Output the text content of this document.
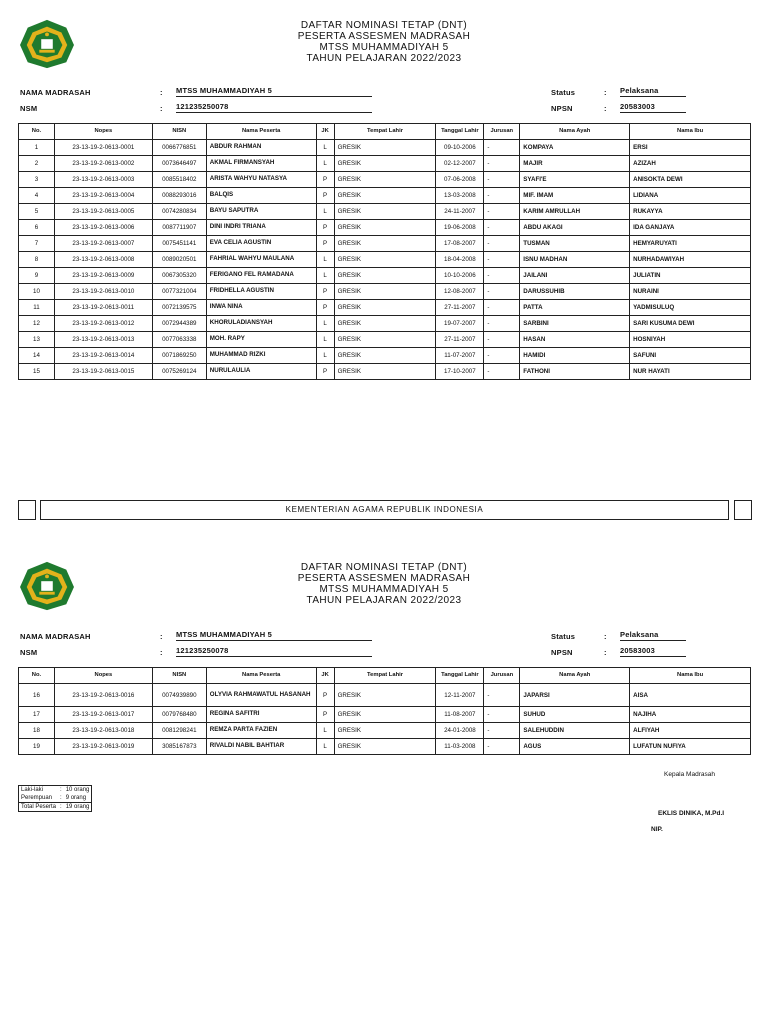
DAFTAR NOMINASI TETAP (DNT)
PESERTA ASSESMEN MADRASAH
MTSS MUHAMMADIYAH 5
TAHUN PELAJARAN 2022/2023
NAMA MADRASAH	: MTSS MUHAMMADIYAH 5
NSM	: 121235250078
Status	: Pelaksana
NPSN	: 20583003
No.	Nopes	NISN	Nama Peserta	JK	Tempat Lahir	Tanggal Lahir	Jurusan	Nama Ayah	Nama Ibu
1	23-13-19-2-0613-0001	0066776851	ABDUR RAHMAN	L	GRESIK	09-10-2006	-	KOMPAYA	ERSI
2	23-13-19-2-0613-0002	0073646497	AKMAL FIRMANSYAH	L	GRESIK	02-12-2007	-	MAJIR	AZIZAH
3	23-13-19-2-0613-0003	0085518402	ARISTA WAHYU NATASYA	P	GRESIK	07-06-2008	-	SYAFI'E	ANISOKTA DEWI
4	23-13-19-2-0613-0004	0088293016	BALQIS	P	GRESIK	13-03-2008	-	MIF. IMAM	LIDIANA
5	23-13-19-2-0613-0005	0074280834	BAYU SAPUTRA	L	GRESIK	24-11-2007	-	KARIM AMRULLAH	RUKAYYA
6	23-13-19-2-0613-0006	0087711907	DINI INDRI TRIANA	P	GRESIK	19-06-2008	-	ABDU AKAGI	IDA GANJAYA
7	23-13-19-2-0613-0007	0075451141	EVA CELIA AGUSTIN	P	GRESIK	17-08-2007	-	TUSMAN	HEMYARUYATI
8	23-13-19-2-0613-0008	0089020501	FAHRIAL WAHYU MAULANA	L	GRESIK	18-04-2008	-	ISNU MADHAN	NURHADAWIYAH
9	23-13-19-2-0613-0009	0067305320	FERIGANO FEL RAMADANA	L	GRESIK	10-10-2006	-	JAILANI	JULIATIN
10	23-13-19-2-0613-0010	0077321004	FRIDHELLA AGUSTIN	P	GRESIK	12-08-2007	-	DARUSSUHIB	NURAINI
11	23-13-19-2-0613-0011	0072139575	INWA NINA	P	GRESIK	27-11-2007	-	PATTA	YADMISULUQ
12	23-13-19-2-0613-0012	0072944389	KHORULADIANSYAH	L	GRESIK	19-07-2007	-	SARBINI	SARI KUSUMA DEWI
13	23-13-19-2-0613-0013	0077063338	MOH. RAPY	L	GRESIK	27-11-2007	-	HASAN	HOSNIYAH
14	23-13-19-2-0613-0014	0071869250	MUHAMMAD RIZKI	L	GRESIK	11-07-2007	-	HAMIDI	SAFUNI
15	23-13-19-2-0613-0015	0075269124	NURULAULIA	P	GRESIK	17-10-2007	-	FATHONI	NUR HAYATI
KEMENTERIAN AGAMA REPUBLIK INDONESIA
DAFTAR NOMINASI TETAP (DNT)
PESERTA ASSESMEN MADRASAH
MTSS MUHAMMADIYAH 5
TAHUN PELAJARAN 2022/2023
NAMA MADRASAH	: MTSS MUHAMMADIYAH 5
NSM	: 121235250078
Status	: Pelaksana
NPSN	: 20583003
No.	Nopes	NISN	Nama Peserta	JK	Tempat Lahir	Tanggal Lahir	Jurusan	Nama Ayah	Nama Ibu
16	23-13-19-2-0613-0016	0074939890	OLYVIA RAHMAWATUL HASANAH	P	GRESIK	12-11-2007	-	JAPARSI	AISA
17	23-13-19-2-0613-0017	0079768480	REGINA SAFITRI	P	GRESIK	11-08-2007	-	SUHUD	NAJIHA
18	23-13-19-2-0613-0018	0081298241	REMZA PARTA FAZIEN	L	GRESIK	24-01-2008	-	SALEHUDDIN	ALFIYAH
19	23-13-19-2-0613-0019	3085167873	RIVALDI NABIL BAHTIAR	L	GRESIK	11-03-2008	-	AGUS	LUFATUN NUFIYA
Laki-laki	:	10 orang
Perempuan	:	9 orang
Total Peserta	:	19 orang
Kepala Madrasah
EKLIS DINIKA, M.Pd.I
NIP.
